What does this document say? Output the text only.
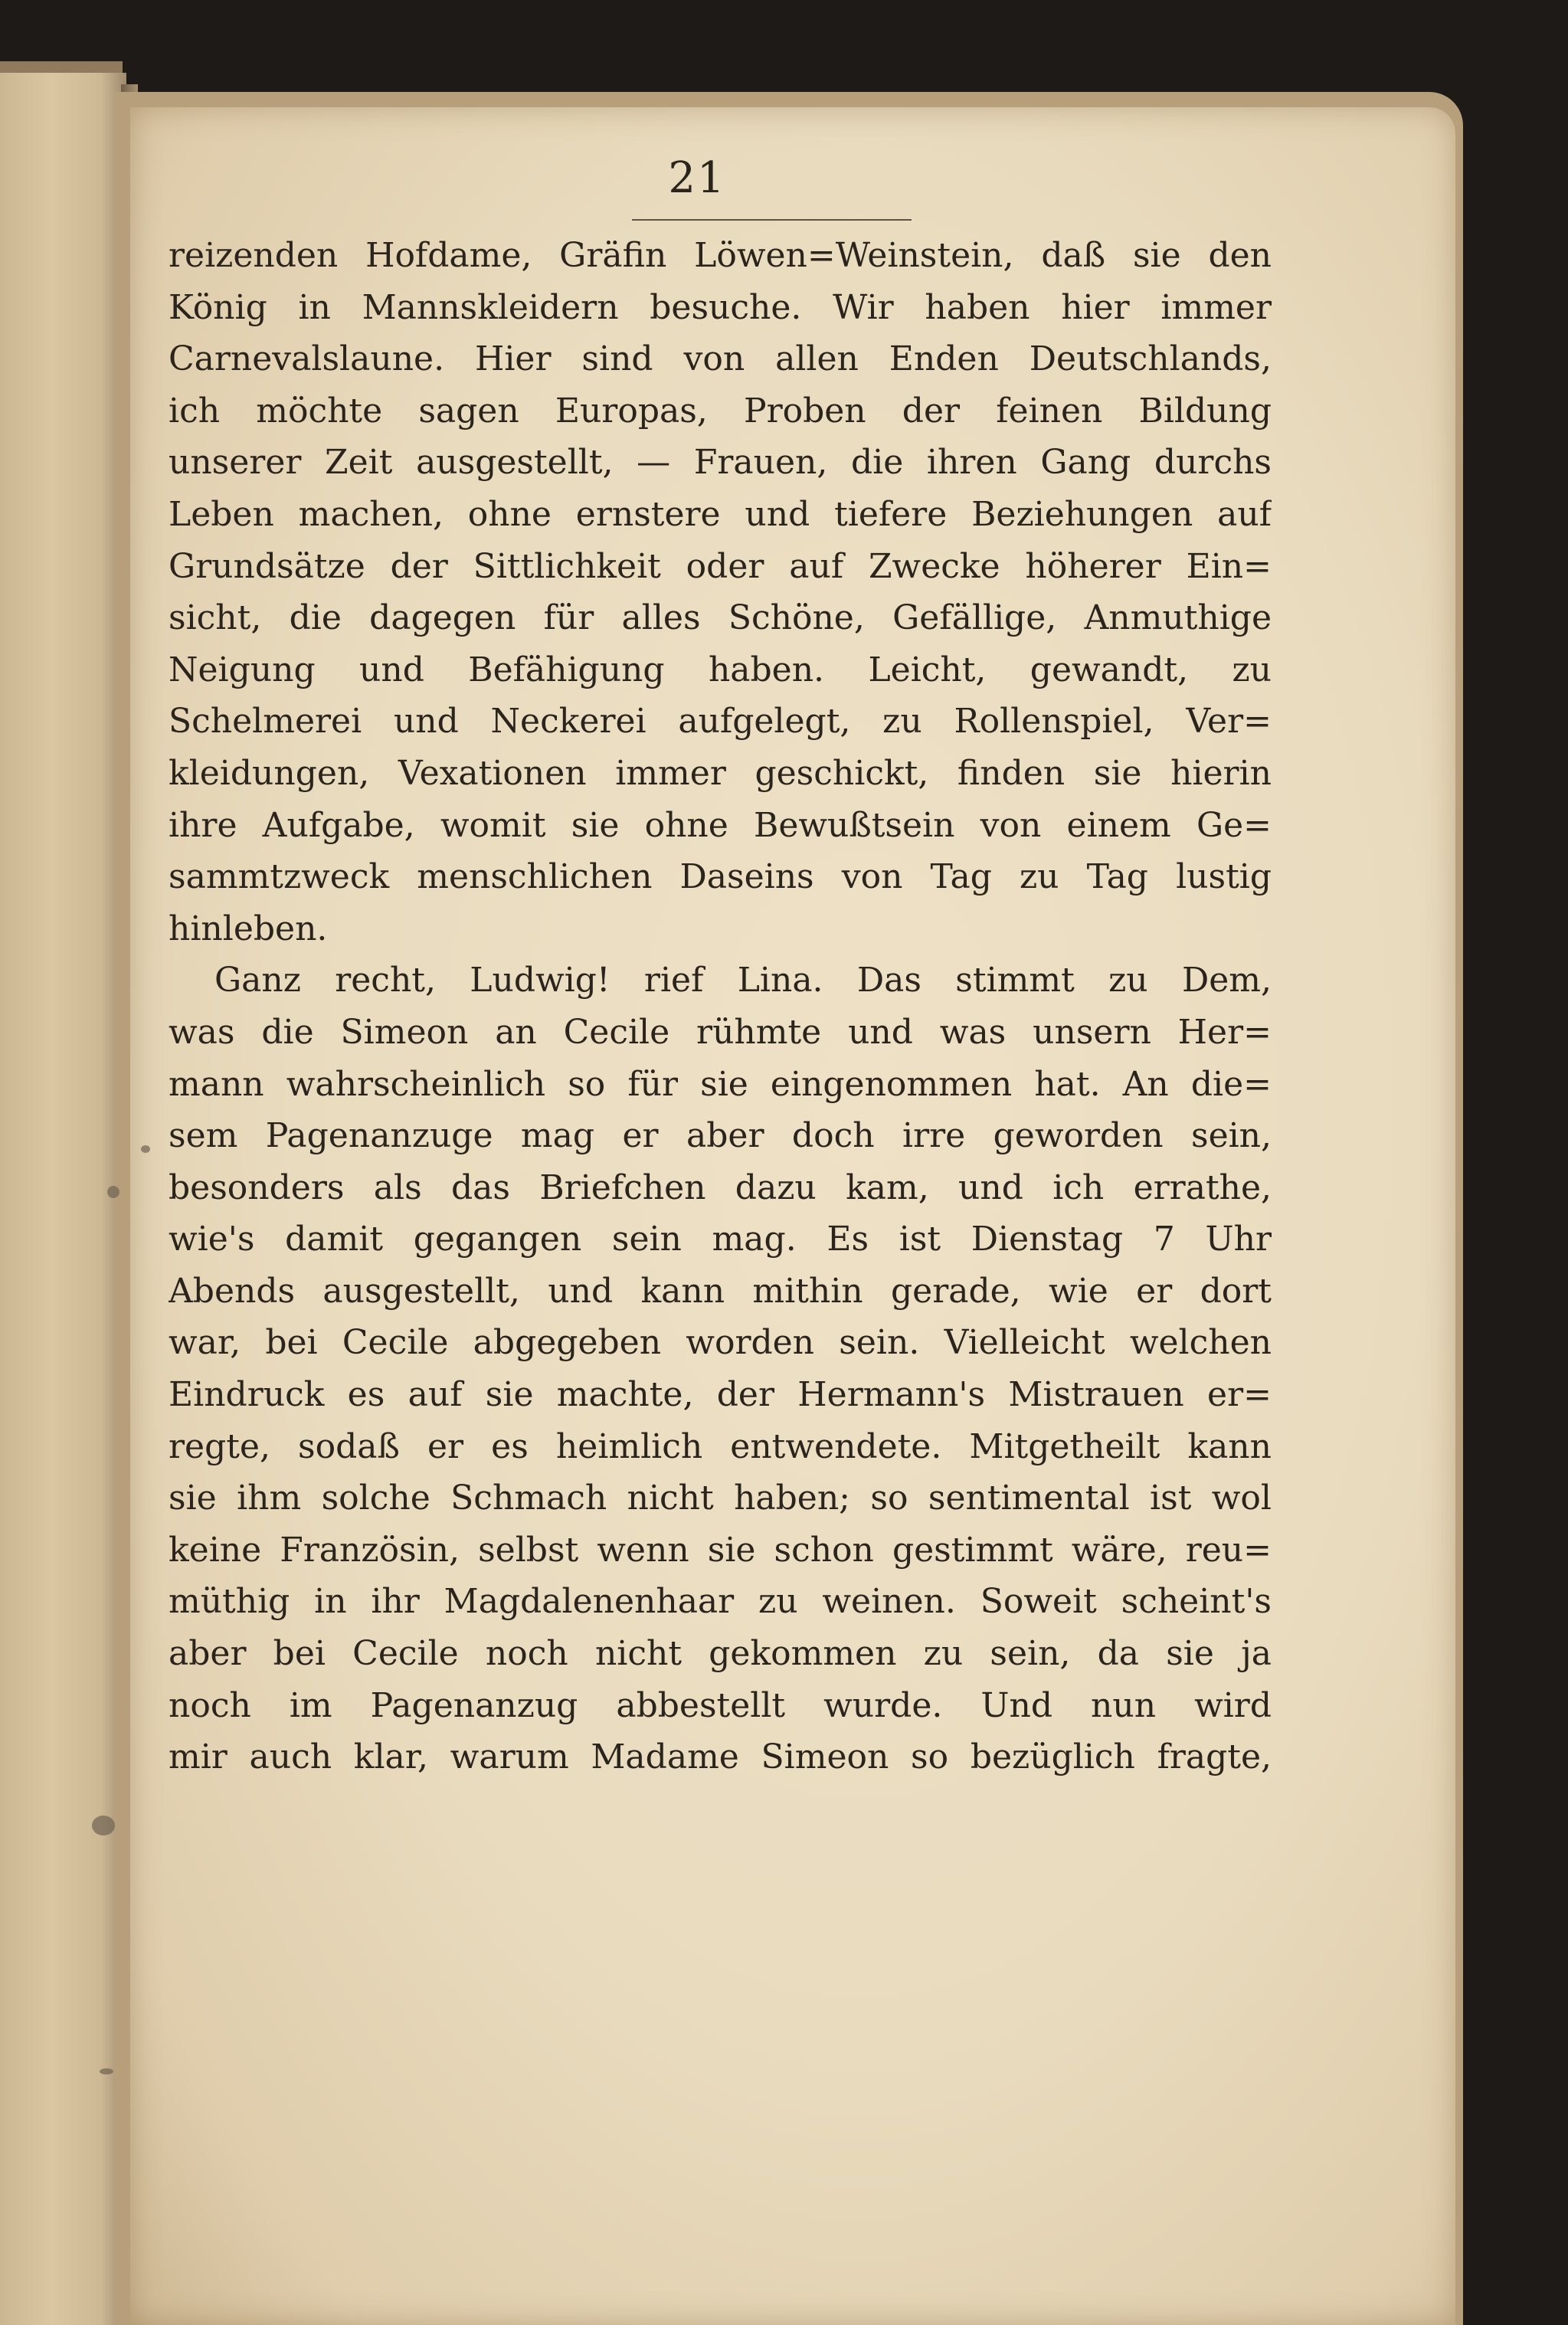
21
reizenden Hofdame, Gräfin Löwen=Weinstein, daß sie den
König in Mannskleidern besuche. Wir haben hier immer
Carnevalslaune. Hier sind von allen Enden Deutschlands,
ich möchte sagen Europas, Proben der feinen Bildung
unserer Zeit ausgestellt, — Frauen, die ihren Gang durchs
Leben machen, ohne ernstere und tiefere Beziehungen auf
Grundsätze der Sittlichkeit oder auf Zwecke höherer Ein=
sicht, die dagegen für alles Schöne, Gefällige, Anmuthige
Neigung und Befähigung haben. Leicht, gewandt, zu
Schelmerei und Neckerei aufgelegt, zu Rollenspiel, Ver=
kleidungen, Vexationen immer geschickt, finden sie hierin
ihre Aufgabe, womit sie ohne Bewußtsein von einem Ge=
sammtzweck menschlichen Daseins von Tag zu Tag lustig
hinleben.
Ganz recht, Ludwig! rief Lina. Das stimmt zu Dem,
was die Simeon an Cecile rühmte und was unsern Her=
mann wahrscheinlich so für sie eingenommen hat. An die=
sem Pagenanzuge mag er aber doch irre geworden sein,
besonders als das Briefchen dazu kam, und ich errathe,
wie's damit gegangen sein mag. Es ist Dienstag 7 Uhr
Abends ausgestellt, und kann mithin gerade, wie er dort
war, bei Cecile abgegeben worden sein. Vielleicht welchen
Eindruck es auf sie machte, der Hermann's Mistrauen er=
regte, sodaß er es heimlich entwendete. Mitgetheilt kann
sie ihm solche Schmach nicht haben; so sentimental ist wol
keine Französin, selbst wenn sie schon gestimmt wäre, reu=
müthig in ihr Magdalenenhaar zu weinen. Soweit scheint's
aber bei Cecile noch nicht gekommen zu sein, da sie ja
noch im Pagenanzug abbestellt wurde. Und nun wird
mir auch klar, warum Madame Simeon so bezüglich fragte,
